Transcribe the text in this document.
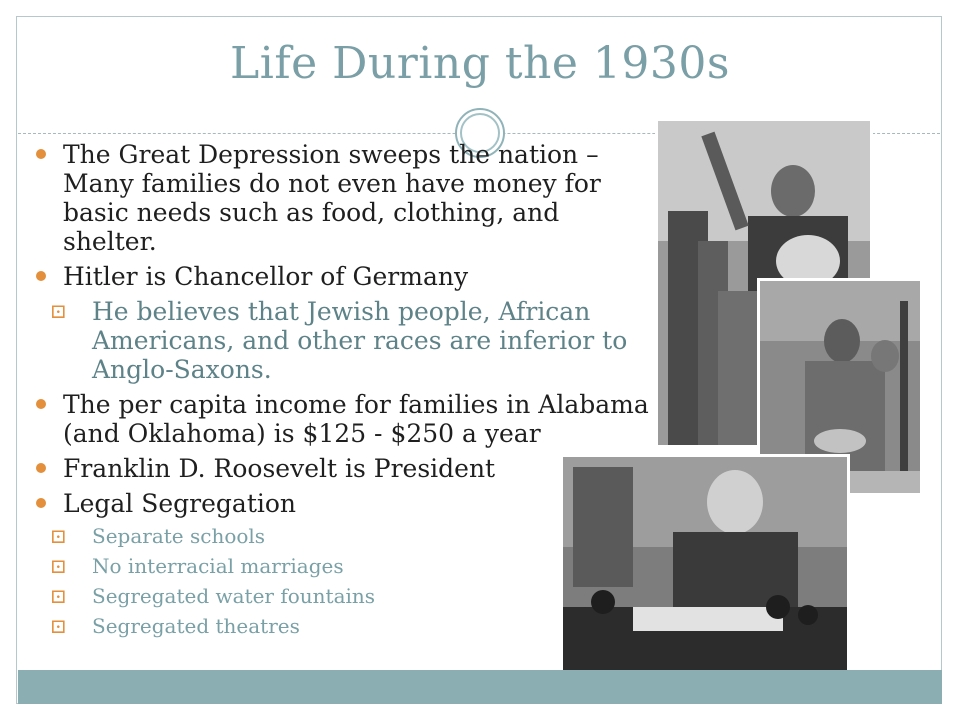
Life During the 1930s
The Great Depression sweeps the nation – Many families do not even have money for basic needs such as food, clothing, and shelter.
Hitler is Chancellor of Germany
⊡ He believes that Jewish people, African Americans, and other races are inferior to Anglo-Saxons.
The per capita income for families in Alabama (and Oklahoma) is $125 - $250 a year
Franklin D. Roosevelt is President
Legal Segregation
⊡ Separate schools
⊡ No interracial marriages
⊡ Segregated water fountains
⊡ Segregated theatres
